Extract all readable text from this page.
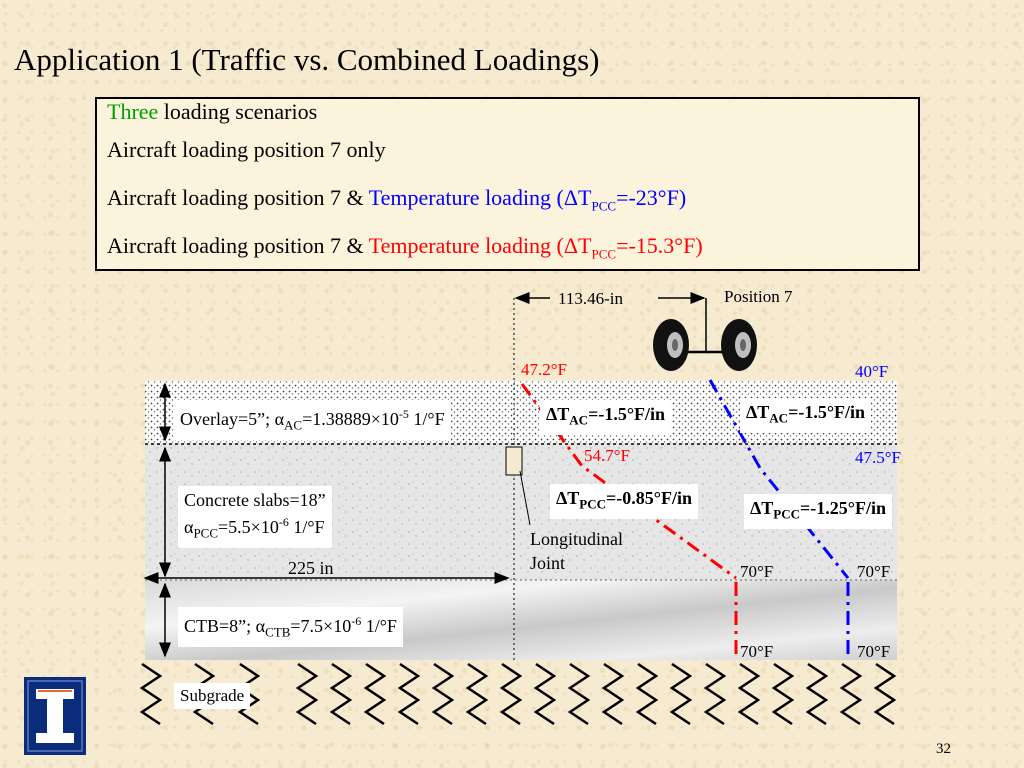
Application 1 (Traffic vs. Combined Loadings)
Three loading scenarios
Aircraft loading position 7 only
Aircraft loading position 7 & Temperature loading $(\Delta T_{PCC}=-23^\circ F)$
Aircraft loading position 7 & Temperature loading $(\Delta T_{PCC}=-15.3^\circ F)$
113.46-in	Position 7
47.2°F	40°F
54.7°F	47.5°F
70°F	70°F
70°F	70°F
Overlay=5”; $\alpha_{AC}=1.38889\times 10^{-5}$ 1/°F
Concrete slabs=18”
$\alpha_{PCC}=5.5\times 10^{-6}$ 1/°F
225 in
CTB=8”; $\alpha_{CTB}=7.5\times 10^{-6}$ 1/°F
Subgrade
Longitudinal
Joint
$\Delta T_{AC}=-1.5^\circ F/in$	$\Delta T_{AC}=-1.5^\circ F/in$
$\Delta T_{PCC}=-0.85^\circ F/in$	$\Delta T_{PCC}=-1.25^\circ F/in$
32
